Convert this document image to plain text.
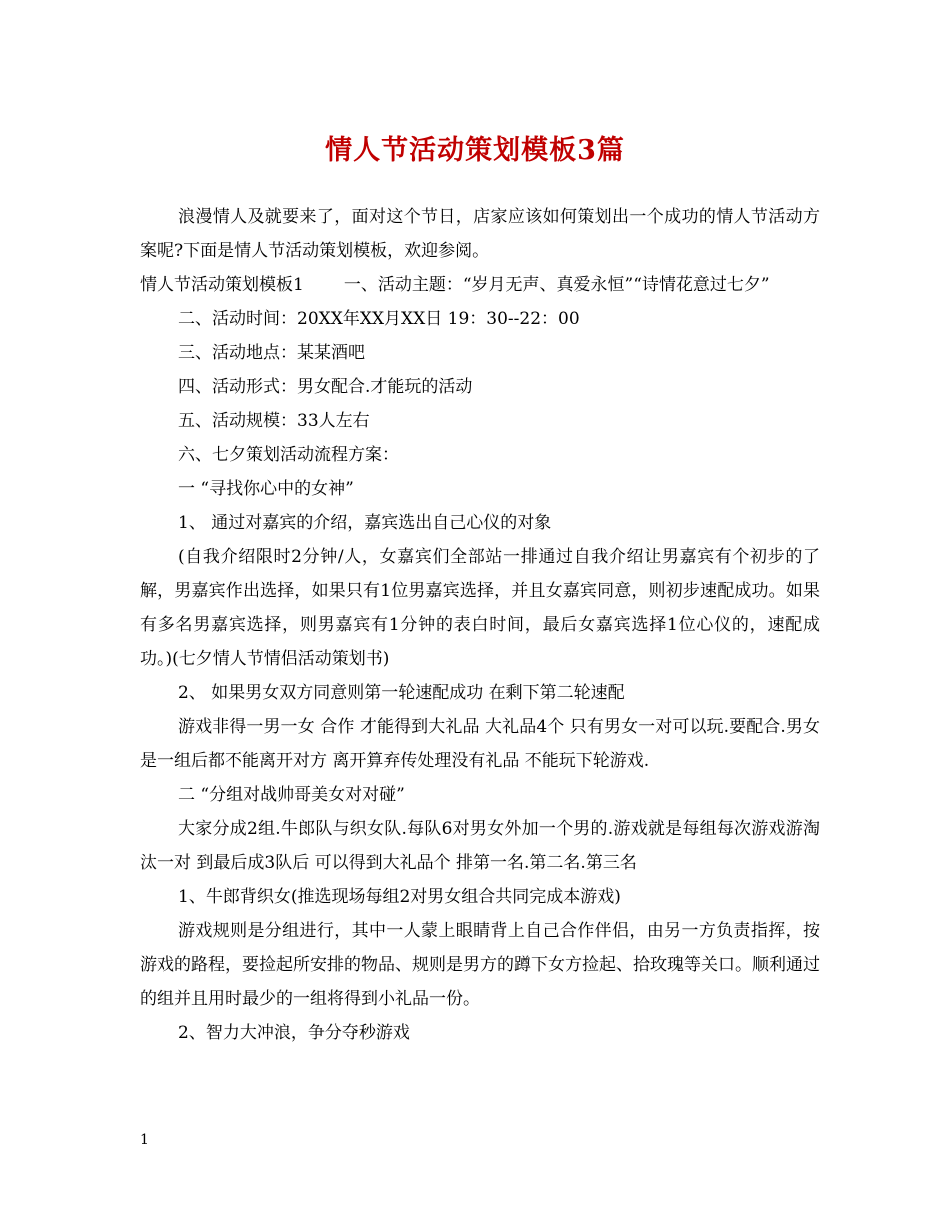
情人节活动策划模板3篇

浪漫情人及就要来了，面对这个节日，店家应该如何策划出一个成功的情人节活动方案呢?下面是情人节活动策划模板，欢迎参阅。

情人节活动策划模板1 一、活动主题：“岁月无声、真爱永恒”“诗情花意过七夕”

二、活动时间：20XX年XX月XX日 19：30--22：00

三、活动地点：某某酒吧

四、活动形式：男女配合.才能玩的活动

五、活动规模：33人左右

六、七夕策划活动流程方案：

一 “寻找你心中的女神”

1、 通过对嘉宾的介绍，嘉宾选出自己心仪的对象

(自我介绍限时2分钟/人，女嘉宾们全部站一排通过自我介绍让男嘉宾有个初步的了解，男嘉宾作出选择，如果只有1位男嘉宾选择，并且女嘉宾同意，则初步速配成功。如果有多名男嘉宾选择，则男嘉宾有1分钟的表白时间，最后女嘉宾选择1位心仪的，速配成功。)(七夕情人节情侣活动策划书)

2、 如果男女双方同意则第一轮速配成功 在剩下第二轮速配

游戏非得一男一女 合作 才能得到大礼品 大礼品4个 只有男女一对可以玩.要配合.男女是一组后都不能离开对方 离开算弃传处理没有礼品 不能玩下轮游戏.

二 “分组对战帅哥美女对对碰”

大家分成2组.牛郎队与织女队.每队6对男女外加一个男的.游戏就是每组每次游戏游淘汰一对 到最后成3队后 可以得到大礼品个 排第一名.第二名.第三名

1、牛郎背织女(推选现场每组2对男女组合共同完成本游戏)

游戏规则是分组进行，其中一人蒙上眼睛背上自己合作伴侣，由另一方负责指挥，按游戏的路程，要捡起所安排的物品、规则是男方的蹲下女方捡起、拾玫瑰等关口。顺利通过的组并且用时最少的一组将得到小礼品一份。

2、智力大冲浪，争分夺秒游戏

1
